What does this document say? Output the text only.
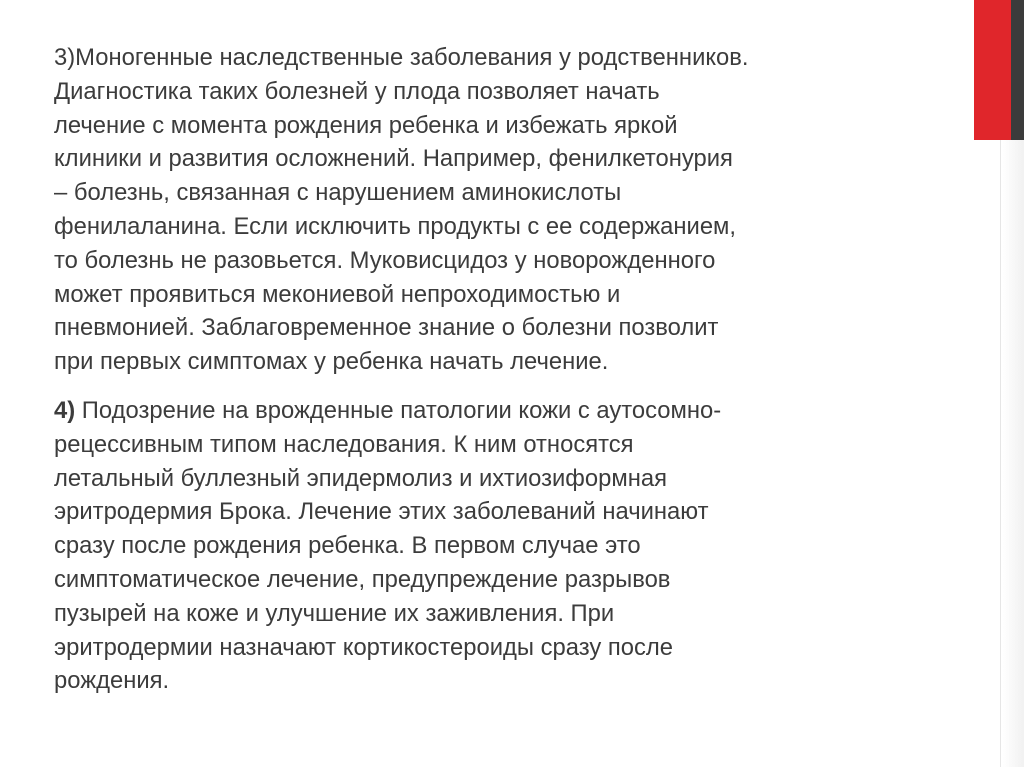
3)Моногенные наследственные заболевания у родственников.
Диагностика таких болезней у плода позволяет начать
лечение с момента рождения ребенка и избежать яркой
клиники и развития осложнений. Например, фенилкетонурия
– болезнь, связанная с нарушением аминокислоты
фенилаланина. Если исключить продукты с ее содержанием,
то болезнь не разовьется. Муковисцидоз у новорожденного
может проявиться мекониевой непроходимостью и
пневмонией. Заблаговременное знание о болезни позволит
при первых симптомах у ребенка начать лечение.

4) Подозрение на врожденные патологии кожи с аутосомно-
рецессивным типом наследования. К ним относятся
летальный буллезный эпидермолиз и ихтиозиформная
эритродермия Брока. Лечение этих заболеваний начинают
сразу после рождения ребенка. В первом случае это
симптоматическое лечение, предупреждение разрывов
пузырей на коже и улучшение их заживления. При
эритродермии назначают кортикостероиды сразу после
рождения.
